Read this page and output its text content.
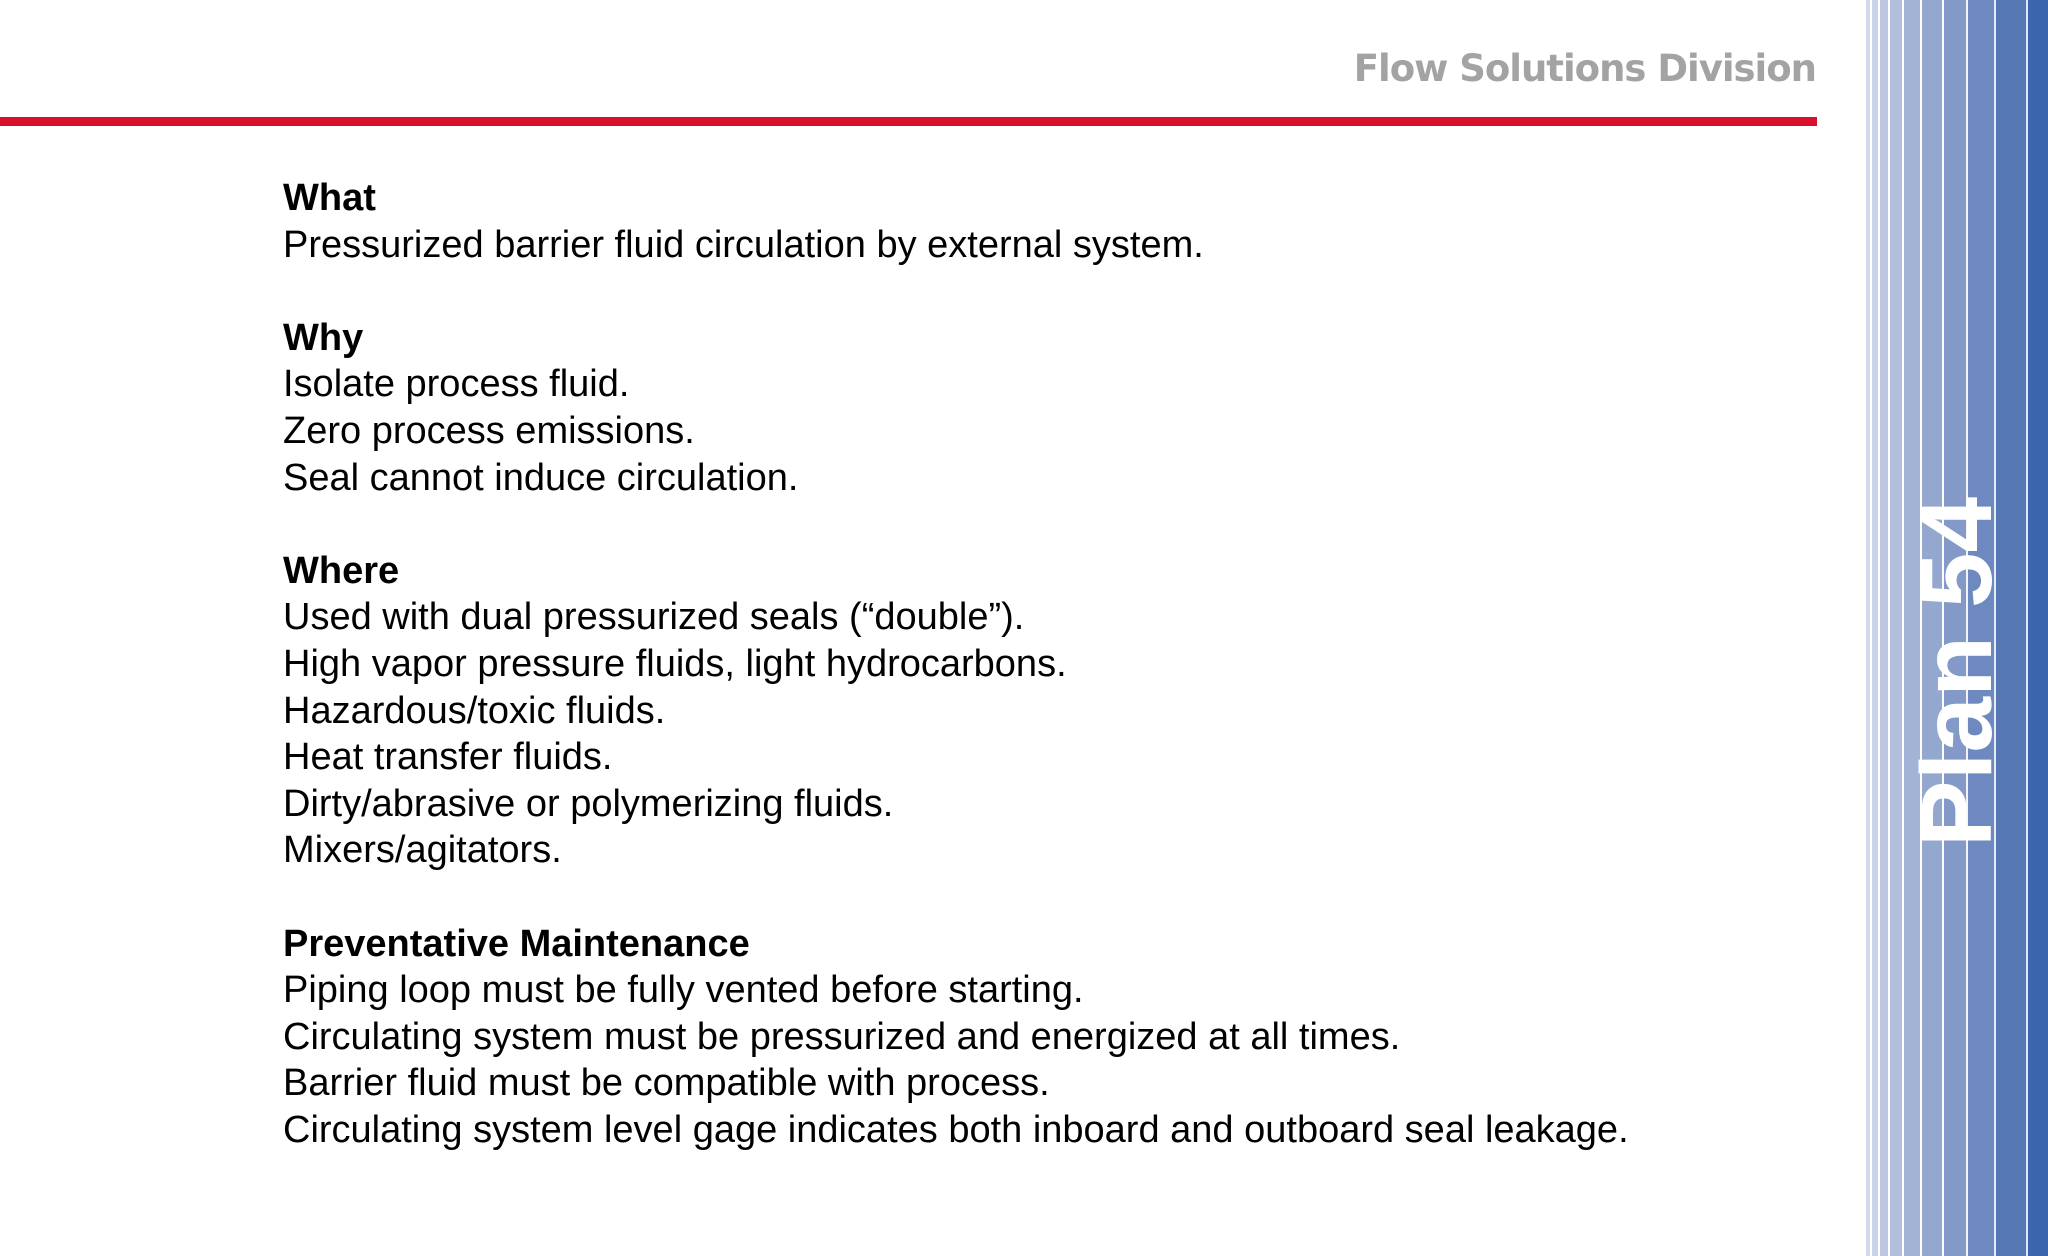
Flow Solutions Division
What
Pressurized barrier fluid circulation by external system.
Why
Isolate process fluid.
Zero process emissions.
Seal cannot induce circulation.
Where
Used with dual pressurized seals (“double”).
High vapor pressure fluids, light hydrocarbons.
Hazardous/toxic fluids.
Heat transfer fluids.
Dirty/abrasive or polymerizing fluids.
Mixers/agitators.
Preventative Maintenance
Piping loop must be fully vented before starting.
Circulating system must be pressurized and energized at all times.
Barrier fluid must be compatible with process.
Circulating system level gage indicates both inboard and outboard seal leakage.
Plan 54
